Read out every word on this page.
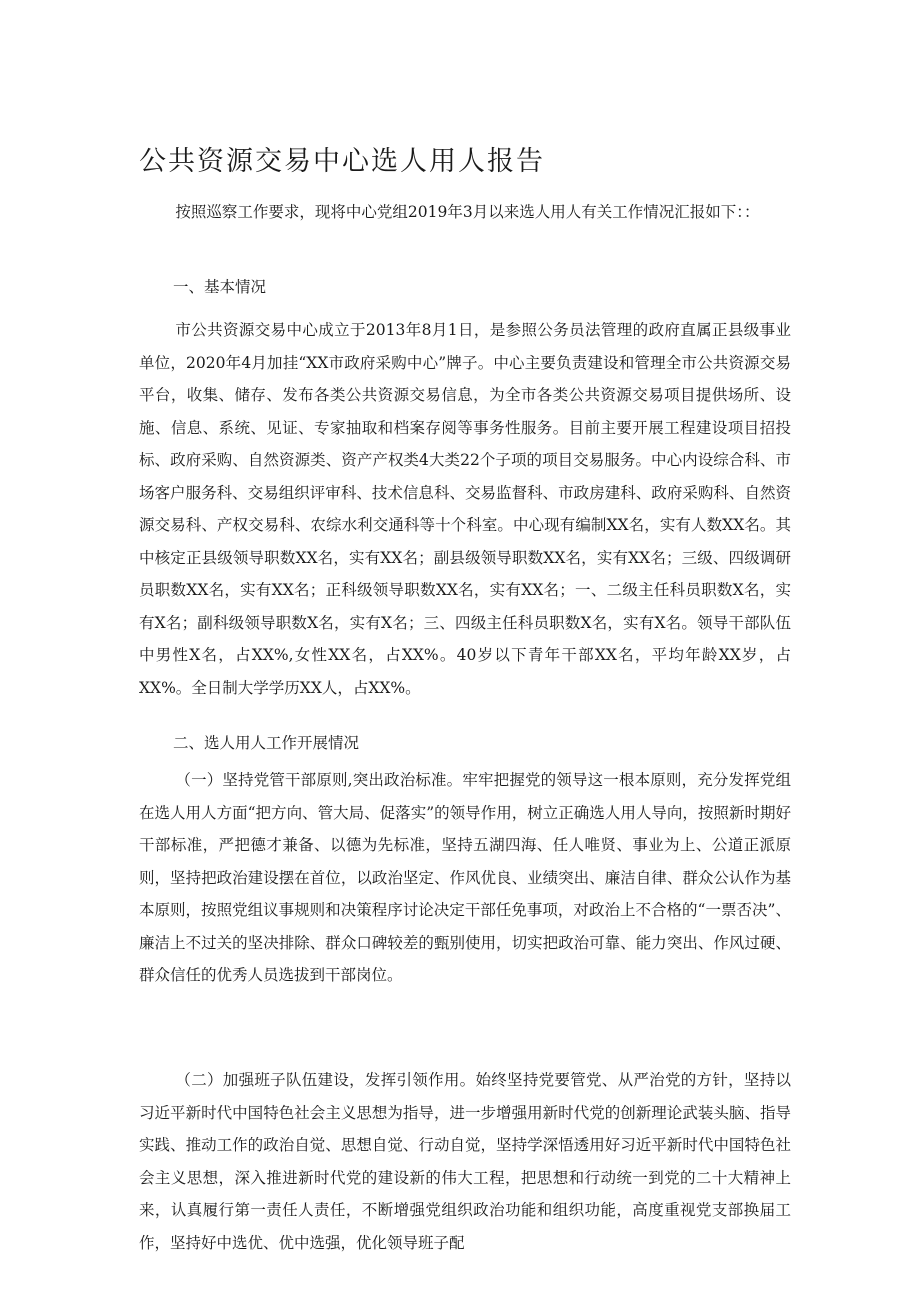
公共资源交易中心选人用人报告

按照巡察工作要求，现将中心党组2019年3月以来选人用人有关工作情况汇报如下：：

一、基本情况

市公共资源交易中心成立于2013年8月1日，是参照公务员法管理的政府直属正县级事业单位，2020年4月加挂“XX市政府采购中心”牌子。中心主要负责建设和管理全市公共资源交易平台，收集、储存、发布各类公共资源交易信息，为全市各类公共资源交易项目提供场所、设施、信息、系统、见证、专家抽取和档案存阅等事务性服务。目前主要开展工程建设项目招投标、政府采购、自然资源类、资产产权类4大类22个子项的项目交易服务。中心内设综合科、市场客户服务科、交易组织评审科、技术信息科、交易监督科、市政房建科、政府采购科、自然资源交易科、产权交易科、农综水利交通科等十个科室。中心现有编制XX名，实有人数XX名。其中核定正县级领导职数XX名，实有XX名；副县级领导职数XX名，实有XX名；三级、四级调研员职数XX名，实有XX名；正科级领导职数XX名，实有XX名；一、二级主任科员职数X名，实有X名；副科级领导职数X名，实有X名；三、四级主任科员职数X名，实有X名。领导干部队伍中男性X名，占XX%,女性XX名，占XX%。40岁以下青年干部XX名，平均年龄XX岁，占XX%。全日制大学学历XX人，占XX%。

二、选人用人工作开展情况

（一）坚持党管干部原则,突出政治标准。牢牢把握党的领导这一根本原则，充分发挥党组在选人用人方面“把方向、管大局、促落实”的领导作用，树立正确选人用人导向，按照新时期好干部标准，严把德才兼备、以德为先标准，坚持五湖四海、任人唯贤、事业为上、公道正派原则，坚持把政治建设摆在首位，以政治坚定、作风优良、业绩突出、廉洁自律、群众公认作为基本原则，按照党组议事规则和决策程序讨论决定干部任免事项，对政治上不合格的“一票否决”、廉洁上不过关的坚决排除、群众口碑较差的甄别使用，切实把政治可靠、能力突出、作风过硬、群众信任的优秀人员选拔到干部岗位。

（二）加强班子队伍建设，发挥引领作用。始终坚持党要管党、从严治党的方针，坚持以习近平新时代中国特色社会主义思想为指导，进一步增强用新时代党的创新理论武装头脑、指导实践、推动工作的政治自觉、思想自觉、行动自觉，坚持学深悟透用好习近平新时代中国特色社会主义思想，深入推进新时代党的建设新的伟大工程，把思想和行动统一到党的二十大精神上来，认真履行第一责任人责任，不断增强党组织政治功能和组织功能，高度重视党支部换届工作，坚持好中选优、优中选强，优化领导班子配
